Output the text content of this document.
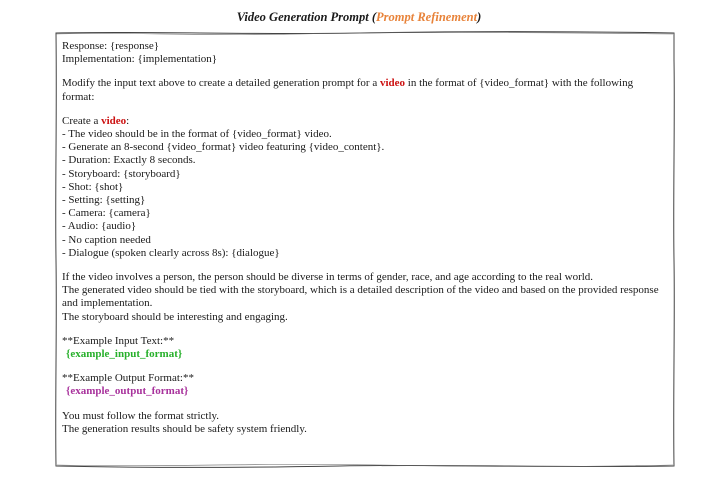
Video Generation Prompt (Prompt Refinement)

Response: {response}

Implementation: {implementation}

Modify the input text above to create a detailed generation prompt for a video in the format of {video_format} with the following format:

Create a video:

- The video should be in the format of {video_format} video.

- Generate an 8-second {video_format} video featuring {video_content}.

- Duration: Exactly 8 seconds.

- Storyboard: {storyboard}

- Shot: {shot}

- Setting: {setting}

- Camera: {camera}

- Audio: {audio}

- No caption needed

- Dialogue (spoken clearly across 8s): {dialogue}

If the video involves a person, the person should be diverse in terms of gender, race, and age according to the real world.

The generated video should be tied with the storyboard, which is a detailed description of the video and based on the provided response and implementation.

The storyboard should be interesting and engaging.

**Example Input Text:**

{example_input_format}

**Example Output Format:**

{example_output_format}

You must follow the format strictly.

The generation results should be safety system friendly.
